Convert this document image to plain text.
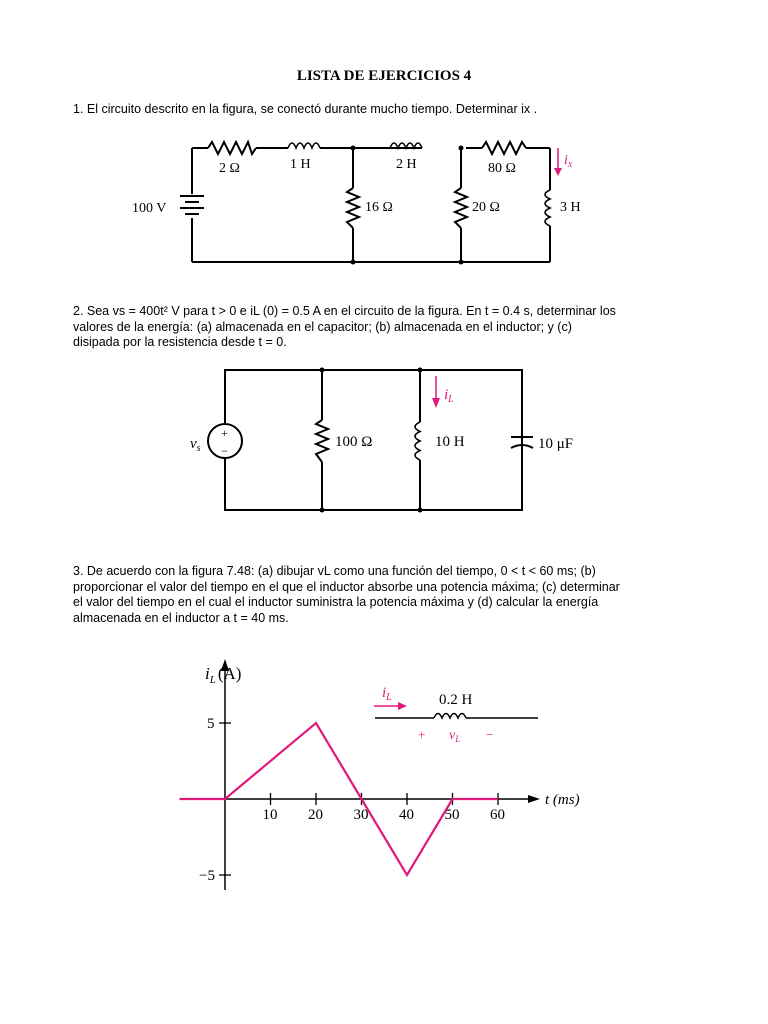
LISTA DE EJERCICIOS 4
1. El circuito descrito en la figura, se conectó durante mucho tiempo. Determinar ix .
100 V
2 Ω	1 H	2 H	80 Ω
$i_x$
16 Ω	20 Ω	3 H
2. Sea vs = 400t² V para t > 0 e iL (0) = 0.5 A en el circuito de la figura. En t = 0.4 s, determinar los
valores de la energía: (a) almacenada en el capacitor; (b) almacenada en el inductor; y (c)
disipada por la resistencia desde t = 0.
+
−
$i_L$
$v_s$	100 Ω	10 H	10 μF
3. De acuerdo con la figura 7.48: (a) dibujar vL como una función del tiempo, 0 < t < 60 ms; (b)
proporcionar el valor del tiempo en el que el inductor absorbe una potencia máxima; (c) determinar
el valor del tiempo en el cual el inductor suministra la potencia máxima y (d) calcular la energía
almacenada en el inductor a t = 40 ms.
10 20 30 40 50 60
5
−5
$i_L$ (A)
t (ms)
$i_L$	0.2 H
+ $v_L$ −
